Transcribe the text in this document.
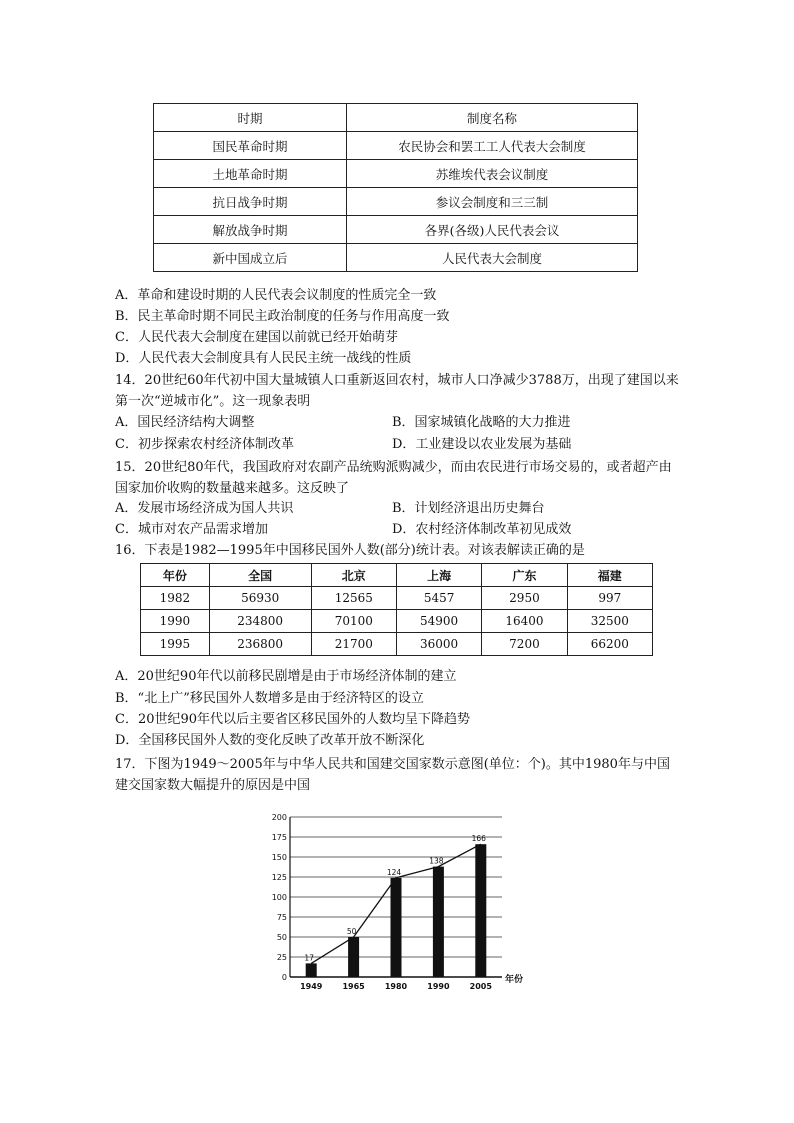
时期	制度名称
国民革命时期	农民协会和罢工工人代表大会制度
土地革命时期	苏维埃代表会议制度
抗日战争时期	参议会制度和三三制
解放战争时期	各界(各级)人民代表会议
新中国成立后	人民代表大会制度
A．革命和建设时期的人民代表会议制度的性质完全一致
B．民主革命时期不同民主政治制度的任务与作用高度一致
C．人民代表大会制度在建国以前就已经开始萌芽
D．人民代表大会制度具有人民民主统一战线的性质
14．20世纪60年代初中国大量城镇人口重新返回农村，城市人口净减少3788万，出现了建国以来第一次“逆城市化”。这一现象表明
A．国民经济结构大调整	B．国家城镇化战略的大力推进
C．初步探索农村经济体制改革	D．工业建设以农业发展为基础
15．20世纪80年代，我国政府对农副产品统购派购减少，而由农民进行市场交易的，或者超产由国家加价收购的数量越来越多。这反映了
A．发展市场经济成为国人共识	B．计划经济退出历史舞台
C．城市对农产品需求增加	D．农村经济体制改革初见成效
16．下表是1982—1995年中国移民国外人数(部分)统计表。对该表解读正确的是
年份	全国	北京	上海	广东	福建
1982	56930	12565	5457	2950	997
1990	234800	70100	54900	16400	32500
1995	236800	21700	36000	7200	66200
A．20世纪90年代以前移民剧增是由于市场经济体制的建立
B．“北上广”移民国外人数增多是由于经济特区的设立
C．20世纪90年代以后主要省区移民国外的人数均呈下降趋势
D．全国移民国外人数的变化反映了改革开放不断深化
17．下图为1949～2005年与中华人民共和国建交国家数示意图(单位：个)。其中1980年与中国建交国家数大幅提升的原因是中国
0
25
50
75
100
125
150
175
200
17
50
124
138
166
1949	1965	1980	1990	2005
年份
